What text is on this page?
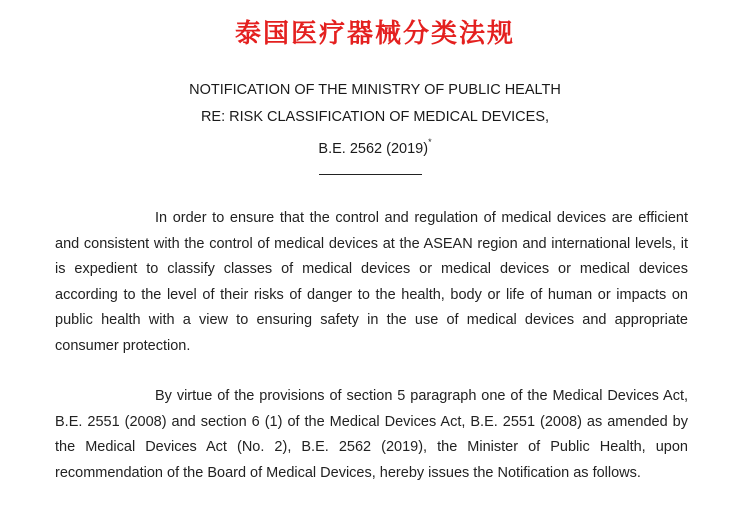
泰国医疗器械分类法规
NOTIFICATION OF THE MINISTRY OF PUBLIC HEALTH
RE: RISK CLASSIFICATION OF MEDICAL DEVICES,
B.E. 2562 (2019)*
In order to ensure that the control and regulation of medical devices are efficient and consistent with the control of medical devices at the ASEAN region and international levels, it is expedient to classify classes of medical devices or medical devices or medical devices according to the level of their risks of danger to the health, body or life of human or impacts on public health with a view to ensuring safety in the use of medical devices and appropriate consumer protection.
By virtue of the provisions of section 5 paragraph one of the Medical Devices Act, B.E. 2551 (2008) and section 6 (1) of the Medical Devices Act, B.E. 2551 (2008) as amended by the Medical Devices Act (No. 2), B.E. 2562 (2019), the Minister of Public Health, upon recommendation of the Board of Medical Devices, hereby issues the Notification as follows.
